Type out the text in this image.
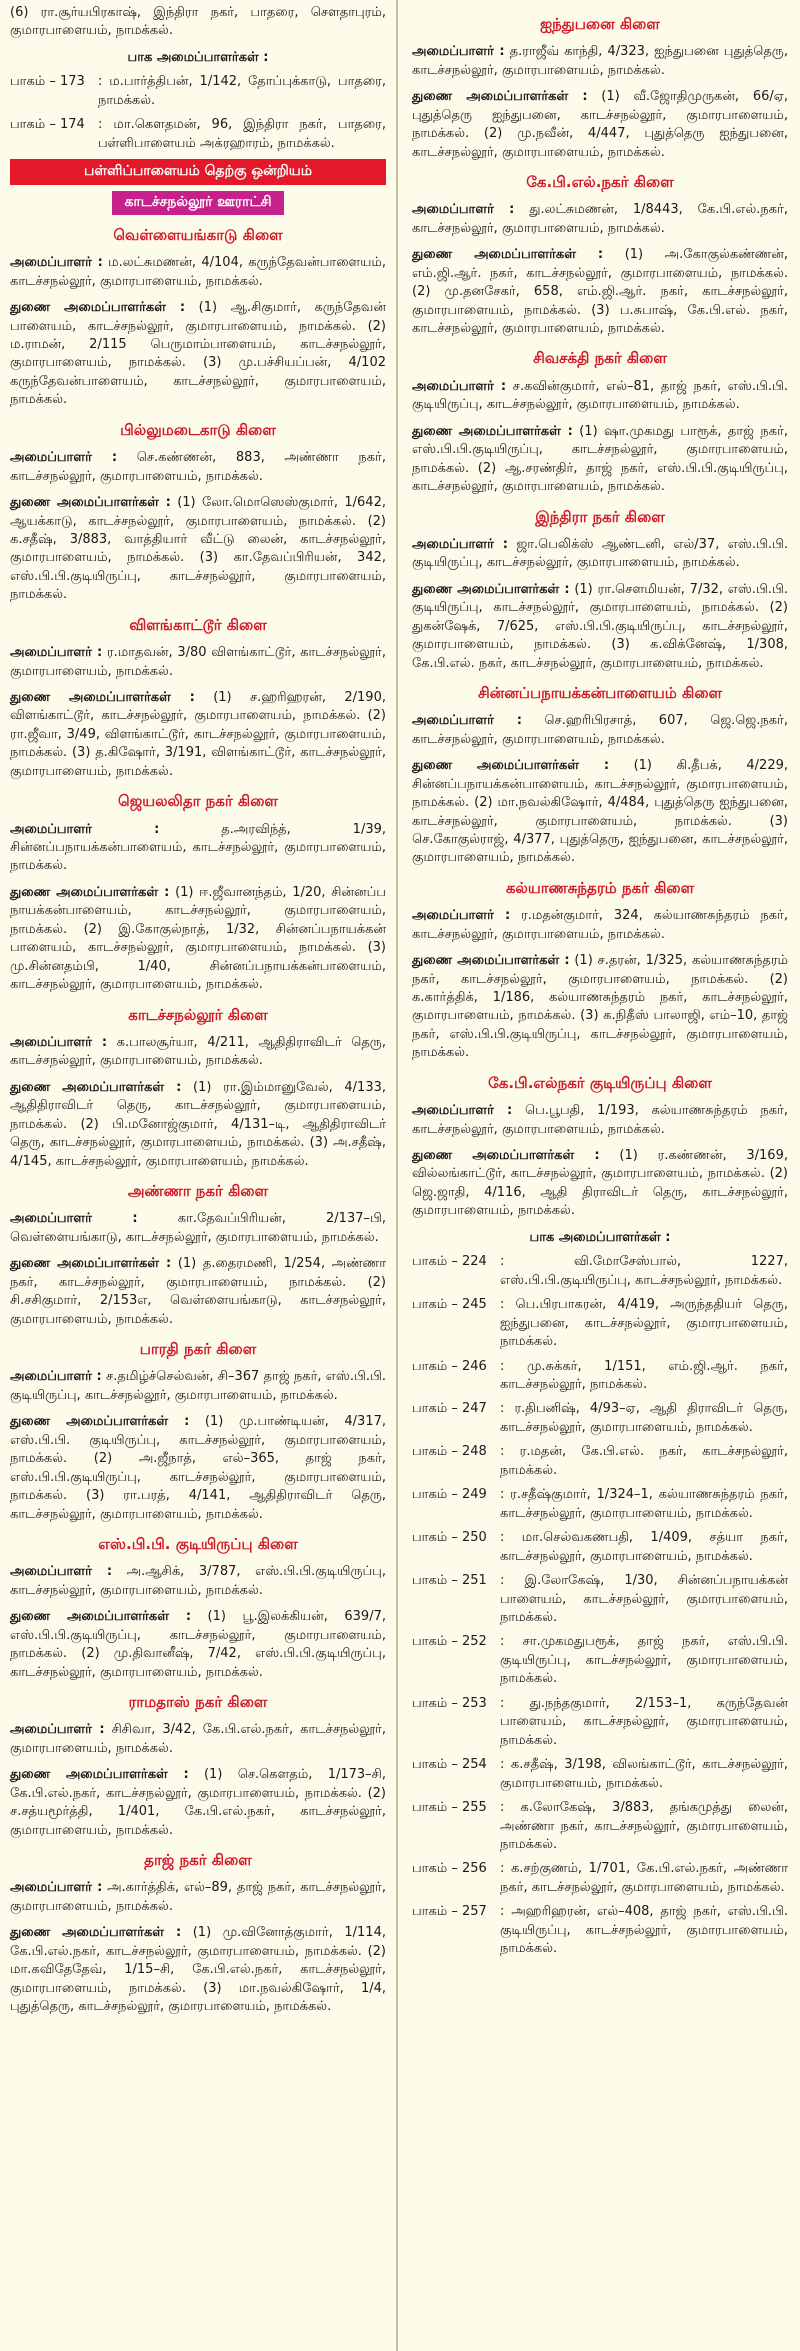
(6) ரா.சூர்யபிரகாஷ், இந்திரா நகர், பாதரை, சௌதாபுரம், குமாரபாளையம், நாமக்கல்.

பாக அமைப்பாளர்கள் :
பாகம் – 173	: ம.பார்த்திபன், 1/142, தோப்புக்காடு, பாதரை, நாமக்கல்.
பாகம் – 174	: மா.கௌதமன், 96, இந்திரா நகர், பாதரை, பள்ளிபாளையம் அக்ரஹாரம், நாமக்கல்.
பள்ளிப்பாளையம் தெற்கு ஒன்றியம்
காடச்சநல்லூர் ஊராட்சி
வெள்ளையங்காடு கிளை

அமைப்பாளர் : ம.லட்சுமணன், 4/104, கருந்தேவன்பாளையம், காடச்சநல்லூர், குமாரபாளையம், நாமக்கல்.

துணை அமைப்பாளர்கள் : (1) ஆ.சிகுமார், கருந்தேவன் பாளையம், காடச்சநல்லூர், குமாரபாளையம், நாமக்கல். (2) ம.ராமன், 2/115 பெருமாம்பாளையம், காடச்சநல்லூர், குமாரபாளையம், நாமக்கல். (3) மு.பச்சியப்பன், 4/102 கருந்தேவன்பாளையம், காடச்சநல்லூர், குமாரபாளையம், நாமக்கல்.

பில்லுமடைகாடு கிளை

அமைப்பாளர் : செ.கண்ணன், 883, அண்ணா நகர், காடச்சநல்லூர், குமாரபாளையம், நாமக்கல்.

துணை அமைப்பாளர்கள் : (1) லோ.மொஸெஸ்குமார், 1/642, ஆயக்காடு, காடச்சநல்லூர், குமாரபாளையம், நாமக்கல். (2) க.சதீஷ், 3/883, வாத்தியார் வீட்டு லைன், காடச்சநல்லூர், குமாரபாளையம், நாமக்கல். (3) கா.தேவப்பிரியன், 342, எஸ்.பி.பி.குடியிருப்பு, காடச்சநல்லூர், குமாரபாளையம், நாமக்கல்.

விளங்காட்டூர் கிளை

அமைப்பாளர் : ர.மாதவன், 3/80 விளங்காட்டூர், காடச்சநல்லூர், குமாரபாளையம், நாமக்கல்.

துணை அமைப்பாளர்கள் : (1) ச.ஹரிஹரன், 2/190, விளங்காட்டூர், காடச்சநல்லூர், குமாரபாளையம், நாமக்கல். (2) ரா.ஜீவா, 3/49, விளங்காட்டூர், காடச்சநல்லூர், குமாரபாளையம், நாமக்கல். (3) த.கிஷோர், 3/191, விளங்காட்டூர், காடச்சநல்லூர், குமாரபாளையம், நாமக்கல்.

ஜெயலலிதா நகர் கிளை

அமைப்பாளர் :	த.அரவிந்த், 1/39, சின்னப்பநாயக்கன்பாளையம், காடச்சநல்லூர், குமாரபாளையம், நாமக்கல்.

துணை அமைப்பாளர்கள் : (1) ஈ.ஜீவானந்தம், 1/20, சின்னப்ப நாயக்கன்பாளையம், காடச்சநல்லூர், குமாரபாளையம், நாமக்கல். (2) இ.கோகுல்நாத், 1/32, சின்னப்பநாயக்கன் பாளையம், காடச்சநல்லூர், குமாரபாளையம், நாமக்கல். (3) மு.சின்னதம்பி, 1/40, சின்னப்பநாயக்கன்பாளையம், காடச்சநல்லூர், குமாரபாளையம், நாமக்கல்.

காடச்சநல்லூர் கிளை

அமைப்பாளர் : க.பாலசூர்யா, 4/211, ஆதிதிராவிடர் தெரு, காடச்சநல்லூர், குமாரபாளையம், நாமக்கல்.

துணை அமைப்பாளர்கள் : (1) ரா.இம்மானுவேல், 4/133, ஆதிதிராவிடர் தெரு, காடச்சநல்லூர், குமாரபாளையம், நாமக்கல். (2) பி.மனோஜ்குமார், 4/131–டி, ஆதிதிராவிடர் தெரு, காடச்சநல்லூர், குமாரபாளையம், நாமக்கல். (3) அ.சதீஷ், 4/145, காடச்சநல்லூர், குமாரபாளையம், நாமக்கல்.

அண்ணா நகர் கிளை

அமைப்பாளர் :	கா.தேவப்பிரியன், 2/137–பி, வெள்ளையங்காடு, காடச்சநல்லூர், குமாரபாளையம், நாமக்கல்.

துணை அமைப்பாளர்கள் : (1) த.தைரமணி, 1/254, அண்ணா நகர், காடச்சநல்லூர், குமாரபாளையம், நாமக்கல். (2) சி.சசிகுமார், 2/153எ, வெள்ளையங்காடு, காடச்சநல்லூர், குமாரபாளையம், நாமக்கல்.

பாரதி நகர் கிளை

அமைப்பாளர் : ச.தமிழ்ச்செல்வன், சி–367 தாஜ் நகர், எஸ்.பி.பி. குடியிருப்பு, காடச்சநல்லூர், குமாரபாளையம், நாமக்கல்.

துணை அமைப்பாளர்கள் : (1) மு.பாண்டியன், 4/317, எஸ்.பி.பி. குடியிருப்பு, காடச்சநல்லூர், குமாரபாளையம், நாமக்கல். (2) அ.ஜீநாத், எல்–365, தாஜ் நகர், எஸ்.பி.பி.குடியிருப்பு, காடச்சநல்லூர், குமாரபாளையம், நாமக்கல். (3) ரா.பரத், 4/141, ஆதிதிராவிடர் தெரு, காடச்சநல்லூர், குமாரபாளையம், நாமக்கல்.

எஸ்.பி.பி. குடியிருப்பு கிளை

அமைப்பாளர் : அ.ஆசிக், 3/787, எஸ்.பி.பி.குடியிருப்பு, காடச்சநல்லூர், குமாரபாளையம், நாமக்கல்.

துணை அமைப்பாளர்கள் : (1) பூ.இலக்கியன், 639/7, எஸ்.பி.பி.குடியிருப்பு, காடச்சநல்லூர், குமாரபாளையம், நாமக்கல். (2) மு.திவானீஷ், 7/42, எஸ்.பி.பி.குடியிருப்பு, காடச்சநல்லூர், குமாரபாளையம், நாமக்கல்.

ராமதாஸ் நகர் கிளை

அமைப்பாளர் : சிசிவா, 3/42, கே.பி.எல்.நகர், காடச்சநல்லூர், குமாரபாளையம், நாமக்கல்.

துணை அமைப்பாளர்கள் : (1) செ.கௌதம், 1/173–சி, கே.பி.எல்.நகர், காடச்சநல்லூர், குமாரபாளையம், நாமக்கல். (2) ச.சத்யமூர்த்தி, 1/401, கே.பி.எல்.நகர், காடச்சநல்லூர், குமாரபாளையம், நாமக்கல்.

தாஜ் நகர் கிளை

அமைப்பாளர் : அ.கார்த்திக், எல்–89, தாஜ் நகர், காடச்சநல்லூர், குமாரபாளையம், நாமக்கல்.

துணை அமைப்பாளர்கள் : (1) மு.வினோத்குமார், 1/114, கே.பி.எல்.நகர், காடச்சநல்லூர், குமாரபாளையம், நாமக்கல். (2) மா.கவிதேதேவ், 1/15–சி, கே.பி.எல்.நகர், காடச்சநல்லூர், குமாரபாளையம், நாமக்கல். (3) மா.நவல்கிஷோர், 1/4, புதுத்தெரு, காடச்சநல்லூர், குமாரபாளையம், நாமக்கல்.

ஐந்துபனை கிளை

அமைப்பாளர் : த.ராஜீவ் காந்தி, 4/323, ஐந்துபனை புதுத்தெரு, காடச்சநல்லூர், குமாரபாளையம், நாமக்கல்.

துணை அமைப்பாளர்கள் : (1) வீ.ஜோதிமுருகன், 66/ஏ, புதுத்தெரு ஐந்துபனை, காடச்சநல்லூர், குமாரபாளையம், நாமக்கல். (2) மு.நவீன், 4/447, புதுத்தெரு ஐந்துபனை, காடச்சநல்லூர், குமாரபாளையம், நாமக்கல்.

கே.பி.எல்.நகர் கிளை

அமைப்பாளர் : து.லட்சுமணன், 1/8443, கே.பி.எல்.நகர், காடச்சநல்லூர், குமாரபாளையம், நாமக்கல்.

துணை அமைப்பாளர்கள் : (1) அ.கோகுல்கண்ணன், எம்.ஜி.ஆர். நகர், காடச்சநல்லூர், குமாரபாளையம், நாமக்கல். (2) மு.தனசேகர், 658, எம்.ஜி.ஆர். நகர், காடச்சநல்லூர், குமாரபாளையம், நாமக்கல். (3) ப.சுபாஷ், கே.பி.எல். நகர், காடச்சநல்லூர், குமாரபாளையம், நாமக்கல்.

சிவசக்தி நகர் கிளை

அமைப்பாளர் : ச.கவின்குமார், எல்–81, தாஜ் நகர், எஸ்.பி.பி. குடியிருப்பு, காடச்சநல்லூர், குமாரபாளையம், நாமக்கல்.

துணை அமைப்பாளர்கள் : (1) ஷா.முகமது பாரூக், தாஜ் நகர், எஸ்.பி.பி.குடியிருப்பு, காடச்சநல்லூர், குமாரபாளையம், நாமக்கல். (2) ஆ.சரண்திர், தாஜ் நகர், எஸ்.பி.பி.குடியிருப்பு, காடச்சநல்லூர், குமாரபாளையம், நாமக்கல்.

இந்திரா நகர் கிளை

அமைப்பாளர் : ஜா.பெலிக்ஸ் ஆண்டனி, எல்/37, எஸ்.பி.பி. குடியிருப்பு, காடச்சநல்லூர், குமாரபாளையம், நாமக்கல்.

துணை அமைப்பாளர்கள் : (1) ரா.சௌமியன், 7/32, எஸ்.பி.பி. குடியிருப்பு, காடச்சநல்லூர், குமாரபாளையம், நாமக்கல். (2) துகன்ஷேக், 7/625, எஸ்.பி.பி.குடியிருப்பு, காடச்சநல்லூர், குமாரபாளையம், நாமக்கல். (3) க.விக்னேஷ், 1/308, கே.பி.எல். நகர், காடச்சநல்லூர், குமாரபாளையம், நாமக்கல்.

சின்னப்பநாயக்கன்பாளையம் கிளை

அமைப்பாளர் : செ.ஹரிபிரசாத், 607, ஜெ.ஜெ.நகர், காடச்சநல்லூர், குமாரபாளையம், நாமக்கல்.

துணை அமைப்பாளர்கள் : (1) கி.தீபக், 4/229, சின்னப்பநாயக்கன்பாளையம், காடச்சநல்லூர், குமாரபாளையம், நாமக்கல். (2) மா.நவல்கிஷோர், 4/484, புதுத்தெரு ஐந்துபனை, காடச்சநல்லூர், குமாரபாளையம், நாமக்கல். (3) செ.கோகுல்ராஜ், 4/377, புதுத்தெரு, ஐந்துபனை, காடச்சநல்லூர், குமாரபாளையம், நாமக்கல்.

கல்யாணசுந்தரம் நகர் கிளை

அமைப்பாளர் : ர.மதன்குமார், 324, கல்யாணசுந்தரம் நகர், காடச்சநல்லூர், குமாரபாளையம், நாமக்கல்.

துணை அமைப்பாளர்கள் : (1) ச.தரன், 1/325, கல்யாணசுந்தரம் நகர், காடச்சநல்லூர், குமாரபாளையம், நாமக்கல். (2) க.கார்த்திக், 1/186, கல்யாணசுந்தரம் நகர், காடச்சநல்லூர், குமாரபாளையம், நாமக்கல். (3) க.நிதீஸ் பாலாஜி, எம்–10, தாஜ் நகர், எஸ்.பி.பி.குடியிருப்பு, காடச்சநல்லூர், குமாரபாளையம், நாமக்கல்.

கே.பி.எல்நகர் குடியிருப்பு கிளை

அமைப்பாளர் : பெ.பூபதி, 1/193, கல்யாணசுந்தரம் நகர், காடச்சநல்லூர், குமாரபாளையம், நாமக்கல்.

துணை அமைப்பாளர்கள் : (1) ர.கண்ணன், 3/169, வில்லங்காட்டூர், காடச்சநல்லூர், குமாரபாளையம், நாமக்கல். (2) ஜெ.ஜாதி, 4/116, ஆதி திராவிடர் தெரு, காடச்சநல்லூர், குமாரபாளையம், நாமக்கல்.

பாக அமைப்பாளர்கள் :
பாகம் – 224	: வி.மோசேஸ்பால், 1227, எஸ்.பி.பி.குடியிருப்பு, காடச்சநல்லூர், நாமக்கல்.
பாகம் – 245	: பெ.பிரபாகரன், 4/419, அருந்ததியர் தெரு, ஐந்துபனை, காடச்சநல்லூர், குமாரபாளையம், நாமக்கல்.
பாகம் – 246	: மு.சுக்கர், 1/151, எம்.ஜி.ஆர். நகர், காடச்சநல்லூர், நாமக்கல்.
பாகம் – 247	: ர.திபனிஷ், 4/93–ஏ, ஆதி திராவிடர் தெரு, காடச்சநல்லூர், குமாரபாளையம், நாமக்கல்.
பாகம் – 248	: ர.மதன், கே.பி.எல். நகர், காடச்சநல்லூர், நாமக்கல்.
பாகம் – 249	: ர.சதீஷ்குமார், 1/324–1, கல்யாணசுந்தரம் நகர், காடச்சநல்லூர், குமாரபாளையம், நாமக்கல்.
பாகம் – 250	: மா.செல்வகணபதி, 1/409, சத்யா நகர், காடச்சநல்லூர், குமாரபாளையம், நாமக்கல்.
பாகம் – 251	: இ.லோகேஷ், 1/30, சின்னப்பநாயக்கன் பாளையம், காடச்சநல்லூர், குமாரபாளையம், நாமக்கல்.
பாகம் – 252	: சா.முகமதுபரூக், தாஜ் நகர், எஸ்.பி.பி. குடியிருப்பு, காடச்சநல்லூர், குமாரபாளையம், நாமக்கல்.
பாகம் – 253	: து.நந்தகுமார், 2/153–1, கருந்தேவன் பாளையம், காடச்சநல்லூர், குமாரபாளையம், நாமக்கல்.
பாகம் – 254	: க.சதீஷ், 3/198, விலங்காட்டூர், காடச்சநல்லூர், குமாரபாளையம், நாமக்கல்.
பாகம் – 255	: க.லோகேஷ், 3/883, தங்கமுத்து லைன், அண்ணா நகர், காடச்சநல்லூர், குமாரபாளையம், நாமக்கல்.
பாகம் – 256	: க.சற்குணம், 1/701, கே.பி.எல்.நகர், அண்ணா நகர், காடச்சநல்லூர், குமாரபாளையம், நாமக்கல்.
பாகம் – 257	: அஹரிஹரன், எல்–408, தாஜ் நகர், எஸ்.பி.பி. குடியிருப்பு, காடச்சநல்லூர், குமாரபாளையம், நாமக்கல்.
